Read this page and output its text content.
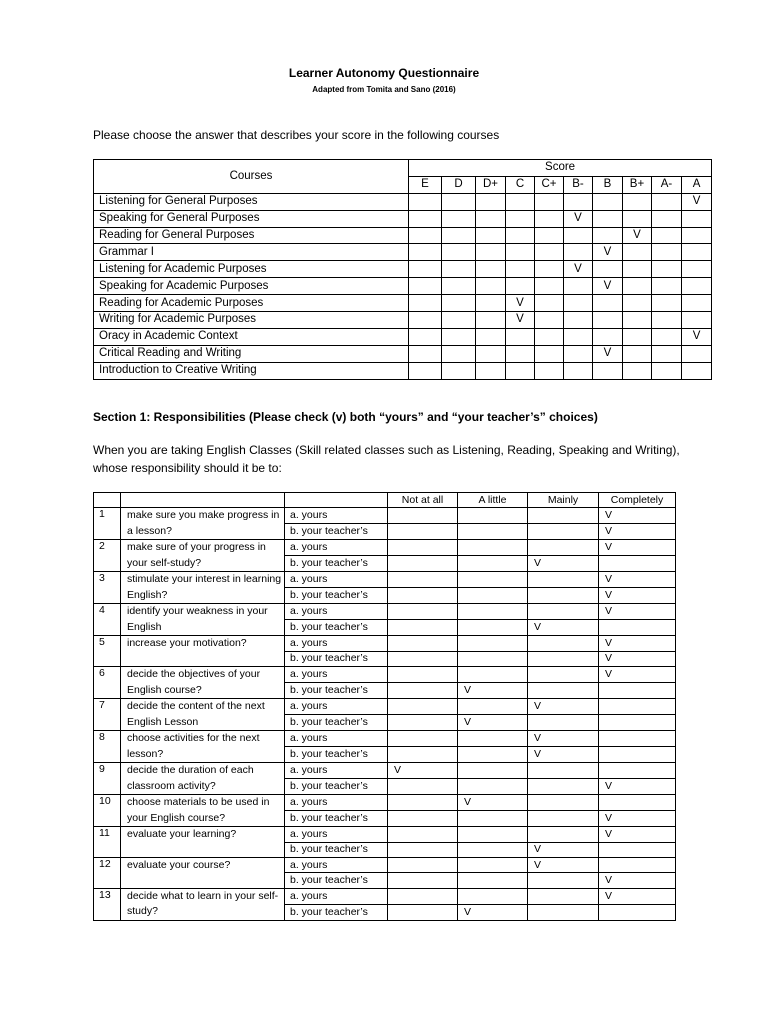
Learner Autonomy Questionnaire
Adapted from Tomita and Sano (2016)
Please choose the answer that describes your score in the following courses
Courses	Score									
	E	D	D+	C	C+	B-	B	B+	A-	A
Listening for General Purposes										V
Speaking for General Purposes						V				
Reading for General Purposes								V		
Grammar I							V			
Listening for Academic Purposes						V				
Speaking for Academic Purposes							V			
Reading for Academic Purposes				V						
Writing for Academic Purposes				V						
Oracy in Academic Context										V
Critical Reading and Writing							V			
Introduction to Creative Writing										
Section 1: Responsibilities (Please check (v) both “yours” and “your teacher’s” choices)
When you are taking English Classes (Skill related classes such as Listening, Reading, Speaking and Writing), whose responsibility should it be to:
			Not at all	A little	Mainly	Completely
1	make sure you make progress in a lesson?	a. yours				V
		b. your teacher’s				V
2	make sure of your progress in your self-study?	a. yours				V
		b. your teacher’s			V	
3	stimulate your interest in learning English?	a. yours				V
		b. your teacher’s				V
4	identify your weakness in your English	a. yours				V
		b. your teacher’s			V	
5	increase your motivation?	a. yours				V
		b. your teacher’s				V
6	decide the objectives of your English course?	a. yours				V
		b. your teacher’s		V		
7	decide the content of the next English Lesson	a. yours			V	
		b. your teacher’s		V		
8	choose activities for the next lesson?	a. yours			V	
		b. your teacher’s			V	
9	decide the duration of each classroom activity?	a. yours	V			
		b. your teacher’s				V
10	choose materials to be used in your English course?	a. yours		V		
		b. your teacher’s				V
11	evaluate your learning?	a. yours				V
		b. your teacher’s			V	
12	evaluate your course?	a. yours			V	
		b. your teacher’s				V
13	decide what to learn in your self-study?	a. yours				V
		b. your teacher’s		V		
